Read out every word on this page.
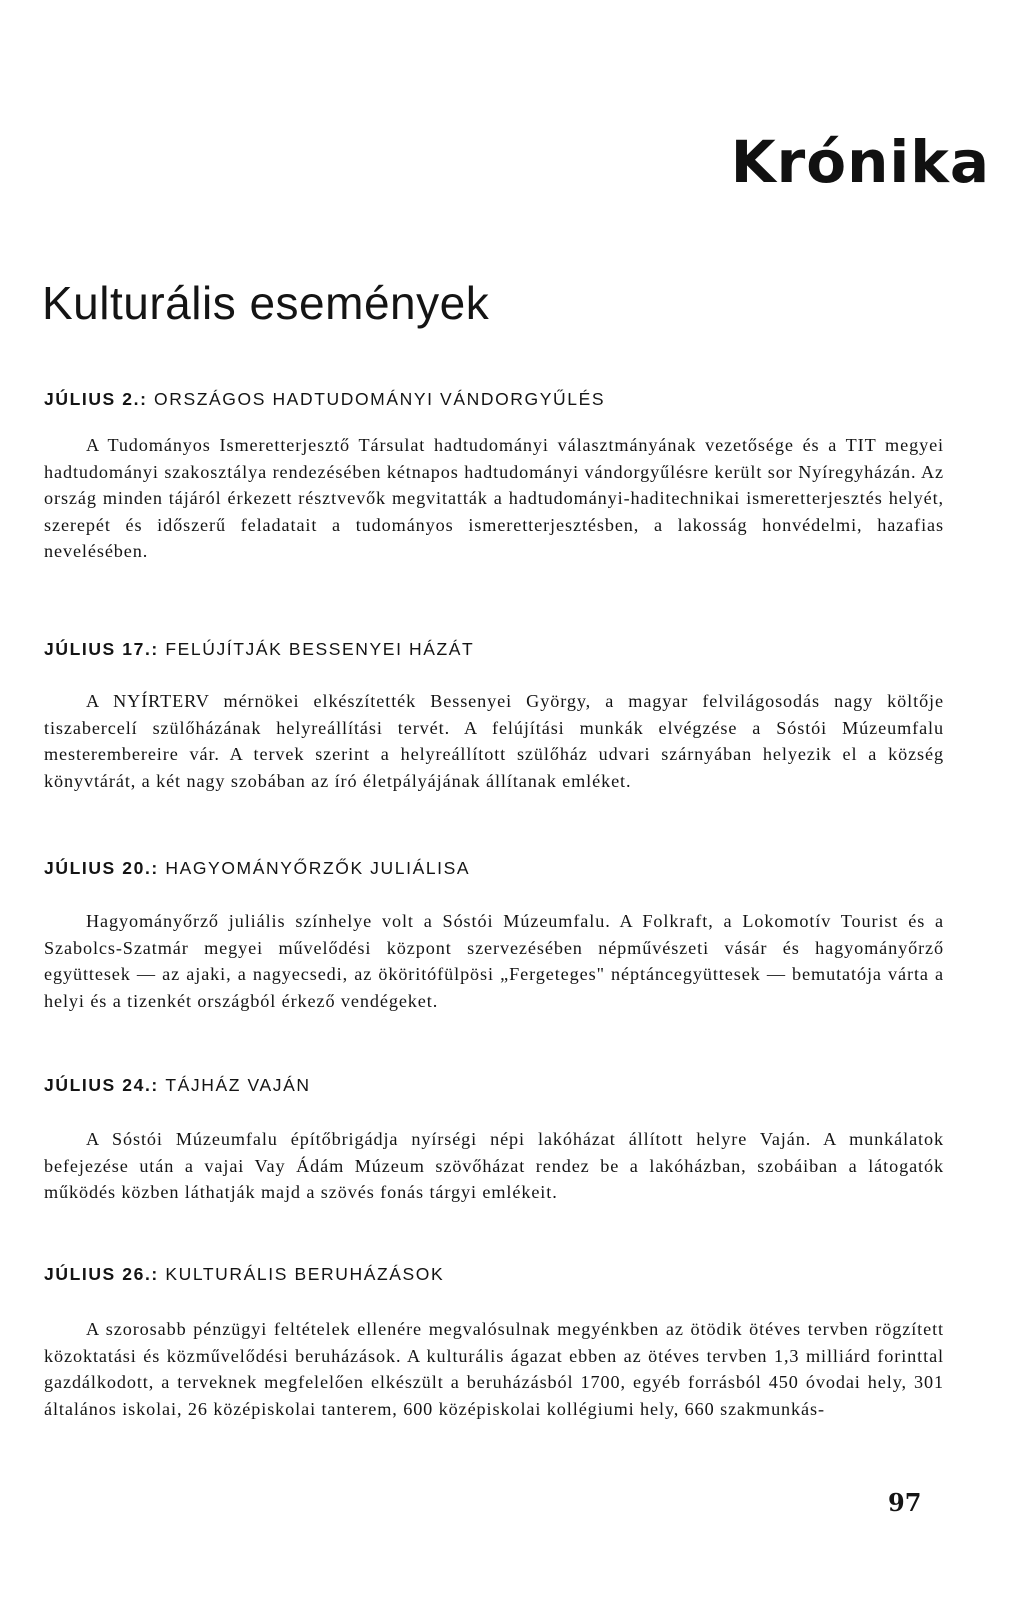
Krónika
Kulturális események
JÚLIUS 2.: ORSZÁGOS HADTUDOMÁNYI VÁNDORGYŰLÉS

A Tudományos Ismeretterjesztő Társulat hadtudományi választmányának vezetősége és a TIT megyei hadtudományi szakosztálya rendezésében kétnapos hadtudományi vándorgyűlésre került sor Nyíregyházán. Az ország minden tájáról érkezett résztvevők megvitatták a hadtudományi-haditechnikai ismeretterjesztés helyét, szerepét és időszerű feladatait a tudományos ismeretterjesztésben, a lakosság honvédelmi, hazafias nevelésében.

JÚLIUS 17.: FELÚJÍTJÁK BESSENYEI HÁZÁT

A NYÍRTERV mérnökei elkészítették Bessenyei György, a magyar felvilágosodás nagy költője tiszabercelí szülőházának helyreállítási tervét. A felújítási munkák elvégzése a Sóstói Múzeumfalu mesterembereire vár. A tervek szerint a helyreállított szülőház udvari szárnyában helyezik el a község könyvtárát, a két nagy szobában az író életpályájának állítanak emléket.

JÚLIUS 20.: HAGYOMÁNYŐRZŐK JULIÁLISA

Hagyományőrző juliális színhelye volt a Sóstói Múzeumfalu. A Folkraft, a Lokomotív Tourist és a Szabolcs-Szatmár megyei művelődési központ szervezésében népművészeti vásár és hagyományőrző együttesek — az ajaki, a nagyecsedi, az ököritófülpösi „Fergeteges" néptáncegyüttesek — bemutatója várta a helyi és a tizenkét országból érkező vendégeket.

JÚLIUS 24.: TÁJHÁZ VAJÁN

A Sóstói Múzeumfalu építőbrigádja nyírségi népi lakóházat állított helyre Vaján. A munkálatok befejezése után a vajai Vay Ádám Múzeum szövőházat rendez be a lakóházban, szobáiban a látogatók működés közben láthatják majd a szövés fonás tárgyi emlékeit.

JÚLIUS 26.: KULTURÁLIS BERUHÁZÁSOK

A szorosabb pénzügyi feltételek ellenére megvalósulnak megyénkben az ötödik ötéves tervben rögzített közoktatási és közművelődési beruházások. A kulturális ágazat ebben az ötéves tervben 1,3 milliárd forinttal gazdálkodott, a terveknek megfelelően elkészült a beruházásból 1700, egyéb forrásból 450 óvodai hely, 301 általános iskolai, 26 középiskolai tanterem, 600 középiskolai kollégiumi hely, 660 szakmunkás-

97
